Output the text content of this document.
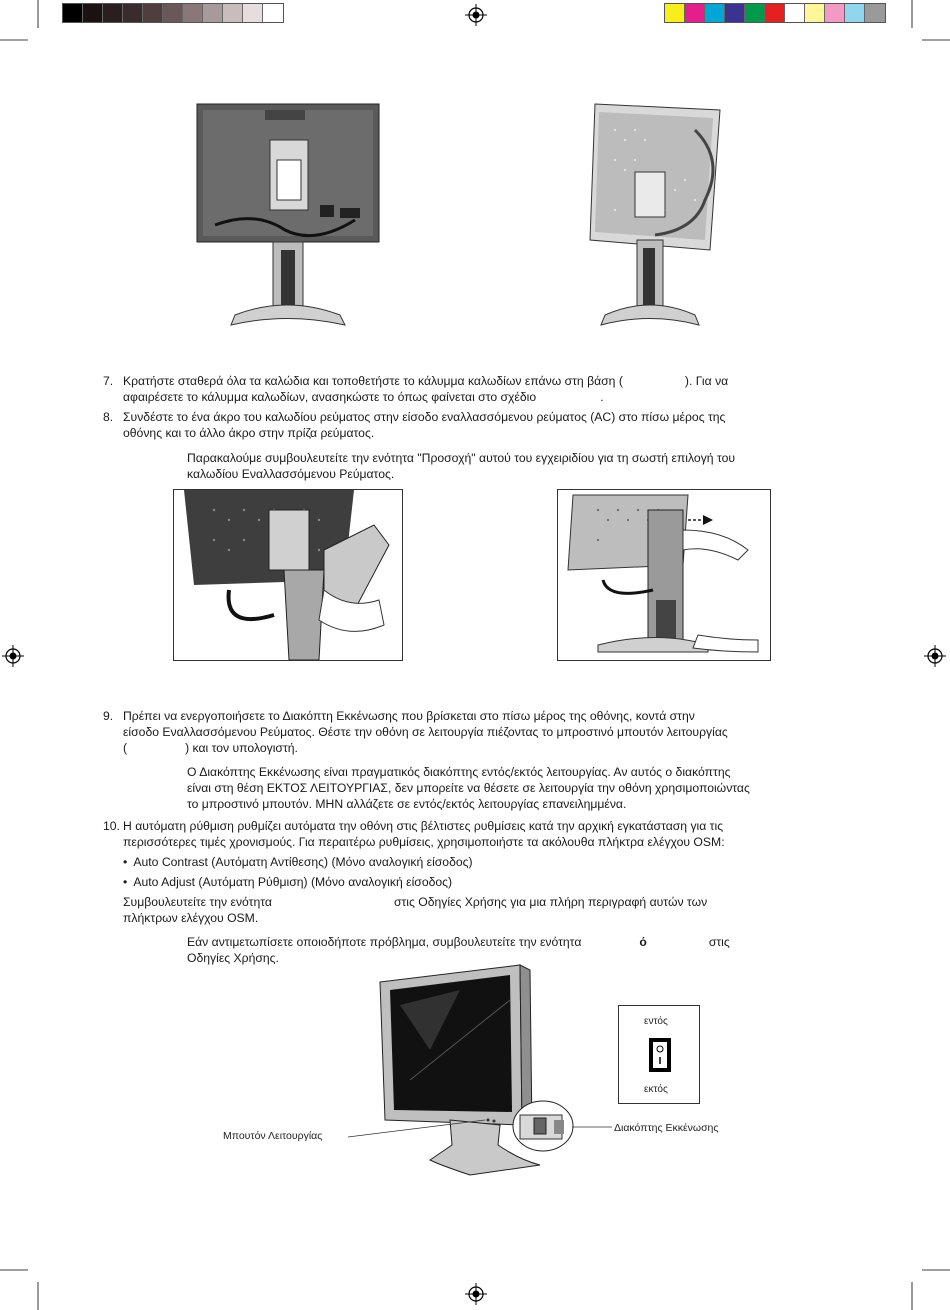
7. Κρατήστε σταθερά όλα τα καλώδια και τοποθετήστε το κάλυμμα καλωδίων επάνω στη βάση (	). Για να
αφαιρέσετε το κάλυμμα καλωδίων, ανασηκώστε το όπως φαίνεται στο σχέδιο	.
8. Συνδέστε το ένα άκρο του καλωδίου ρεύματος στην είσοδο εναλλασσόμενου ρεύματος (AC) στο πίσω μέρος της
οθόνης και το άλλο άκρο στην πρίζα ρεύματος.
Παρακαλούμε συμβουλευτείτε την ενότητα "Προσοχή" αυτού του εγχειριδίου για τη σωστή επιλογή του
καλωδίου Εναλλασσόμενου Ρεύματος.
9. Πρέπει να ενεργοποιήσετε το Διακόπτη Εκκένωσης που βρίσκεται στο πίσω μέρος της οθόνης, κοντά στην
είσοδο Εναλλασσόμενου Ρεύματος. Θέστε την οθόνη σε λειτουργία πιέζοντας το μπροστινό μπουτόν λειτουργίας
(	) και τον υπολογιστή.
Ο Διακόπτης Εκκένωσης είναι πραγματικός διακόπτης εντός/εκτός λειτουργίας. Αν αυτός ο διακόπτης
είναι στη θέση ΕΚΤΟΣ ΛΕΙΤΟΥΡΓΙΑΣ, δεν μπορείτε να θέσετε σε λειτουργία την οθόνη χρησιμοποιώντας
το μπροστινό μπουτόν. ΜΗΝ αλλάζετε σε εντός/εκτός λειτουργίας επανειλημμένα.
10. Η αυτόματη ρύθμιση ρυθμίζει αυτόματα την οθόνη στις βέλτιστες ρυθμίσεις κατά την αρχική εγκατάσταση για τις
περισσότερες τιμές χρονισμούς. Για περαιτέρω ρυθμίσεις, χρησιμοποιήστε τα ακόλουθα πλήκτρα ελέγχου OSM:
• Auto Contrast (Αυτόματη Αντίθεσης) (Μόνο αναλογική είσοδος)
• Auto Adjust (Αυτόματη Ρύθμιση) (Μόνο αναλογική είσοδος)
Συμβουλευτείτε την ενότητα	στις Οδηγίες Χρήσης για μια πλήρη περιγραφή αυτών των
πλήκτρων ελέγχου OSM.
Εάν αντιμετωπίσετε οποιοδήποτε πρόβλημα, συμβουλευτείτε την ενότητα	ό	στις
Οδηγίες Χρήσης.
Μπουτόν Λειτουργίας
Διακόπτης Εκκένωσης
εντός
εκτός
